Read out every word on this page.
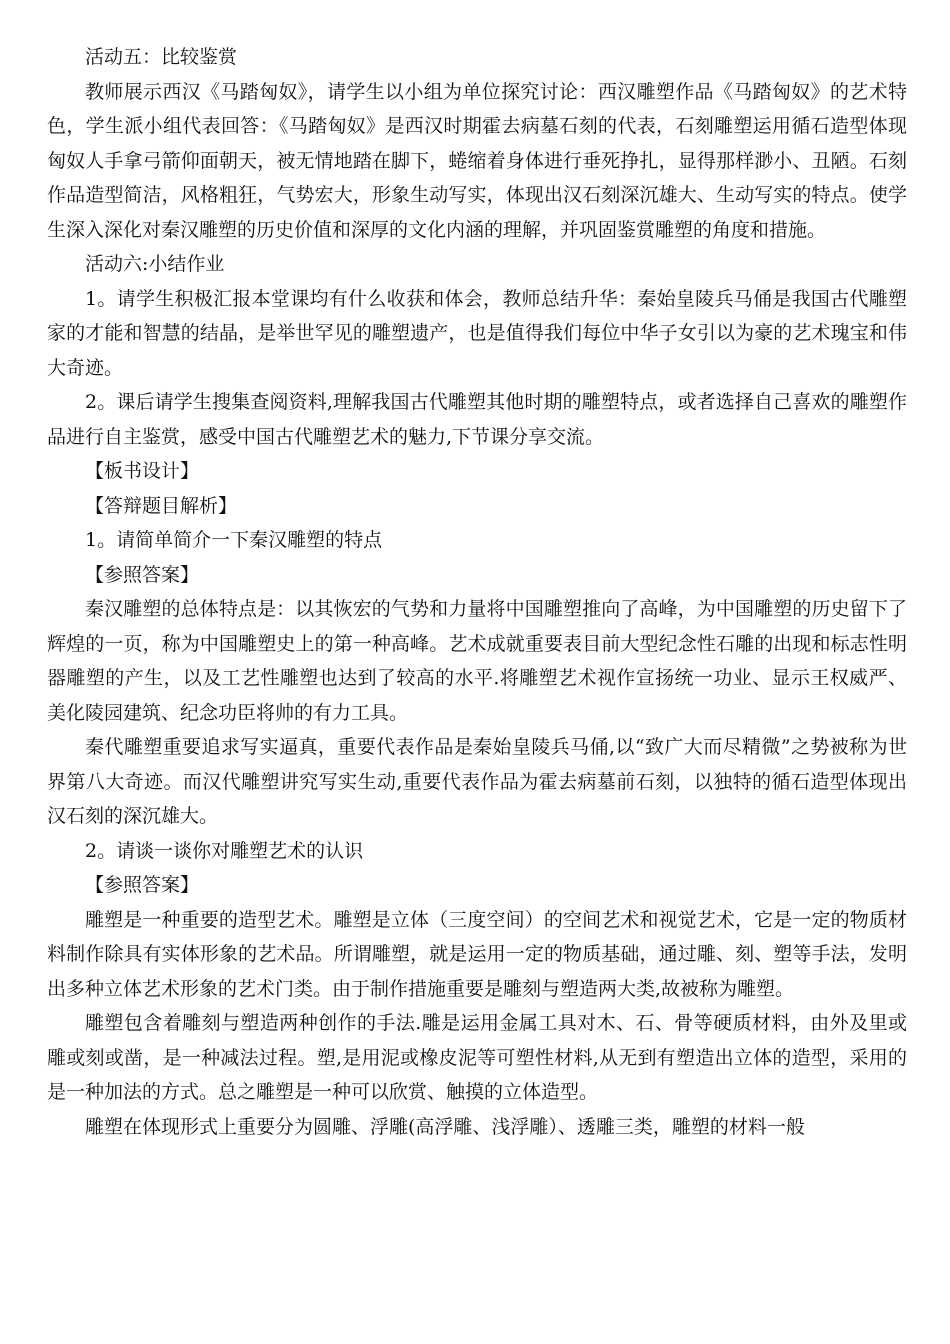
活动五：比较鉴赏

教师展示西汉《马踏匈奴》，请学生以小组为单位探究讨论：西汉雕塑作品《马踏匈奴》的艺术特色，学生派小组代表回答：《马踏匈奴》是西汉时期霍去病墓石刻的代表，石刻雕塑运用循石造型体现匈奴人手拿弓箭仰面朝天，被无情地踏在脚下，蜷缩着身体进行垂死挣扎，显得那样渺小、丑陋。石刻作品造型简洁，风格粗狂，气势宏大，形象生动写实，体现出汉石刻深沉雄大、生动写实的特点。使学生深入深化对秦汉雕塑的历史价值和深厚的文化内涵的理解，并巩固鉴赏雕塑的角度和措施。

活动六:小结作业

1。请学生积极汇报本堂课均有什么收获和体会，教师总结升华：秦始皇陵兵马俑是我国古代雕塑家的才能和智慧的结晶，是举世罕见的雕塑遗产，也是值得我们每位中华子女引以为豪的艺术瑰宝和伟大奇迹。

2。课后请学生搜集查阅资料,理解我国古代雕塑其他时期的雕塑特点，或者选择自己喜欢的雕塑作品进行自主鉴赏，感受中国古代雕塑艺术的魅力,下节课分享交流。

【板书设计】

【答辩题目解析】

1。请简单简介一下秦汉雕塑的特点

【参照答案】

秦汉雕塑的总体特点是：以其恢宏的气势和力量将中国雕塑推向了高峰，为中国雕塑的历史留下了辉煌的一页，称为中国雕塑史上的第一种高峰。艺术成就重要表目前大型纪念性石雕的出现和标志性明器雕塑的产生，以及工艺性雕塑也达到了较高的水平.将雕塑艺术视作宣扬统一功业、显示王权威严、美化陵园建筑、纪念功臣将帅的有力工具。

秦代雕塑重要追求写实逼真，重要代表作品是秦始皇陵兵马俑,以“致广大而尽精微”之势被称为世界第八大奇迹。而汉代雕塑讲究写实生动,重要代表作品为霍去病墓前石刻，以独特的循石造型体现出汉石刻的深沉雄大。

2。请谈一谈你对雕塑艺术的认识

【参照答案】

雕塑是一种重要的造型艺术。雕塑是立体（三度空间）的空间艺术和视觉艺术，它是一定的物质材料制作除具有实体形象的艺术品。所谓雕塑，就是运用一定的物质基础，通过雕、刻、塑等手法，发明出多种立体艺术形象的艺术门类。由于制作措施重要是雕刻与塑造两大类,故被称为雕塑。

雕塑包含着雕刻与塑造两种创作的手法.雕是运用金属工具对木、石、骨等硬质材料，由外及里或雕或刻或凿，是一种减法过程。塑,是用泥或橡皮泥等可塑性材料,从无到有塑造出立体的造型，采用的是一种加法的方式。总之雕塑是一种可以欣赏、触摸的立体造型。

雕塑在体现形式上重要分为圆雕、浮雕(高浮雕、浅浮雕）、透雕三类，雕塑的材料一般
